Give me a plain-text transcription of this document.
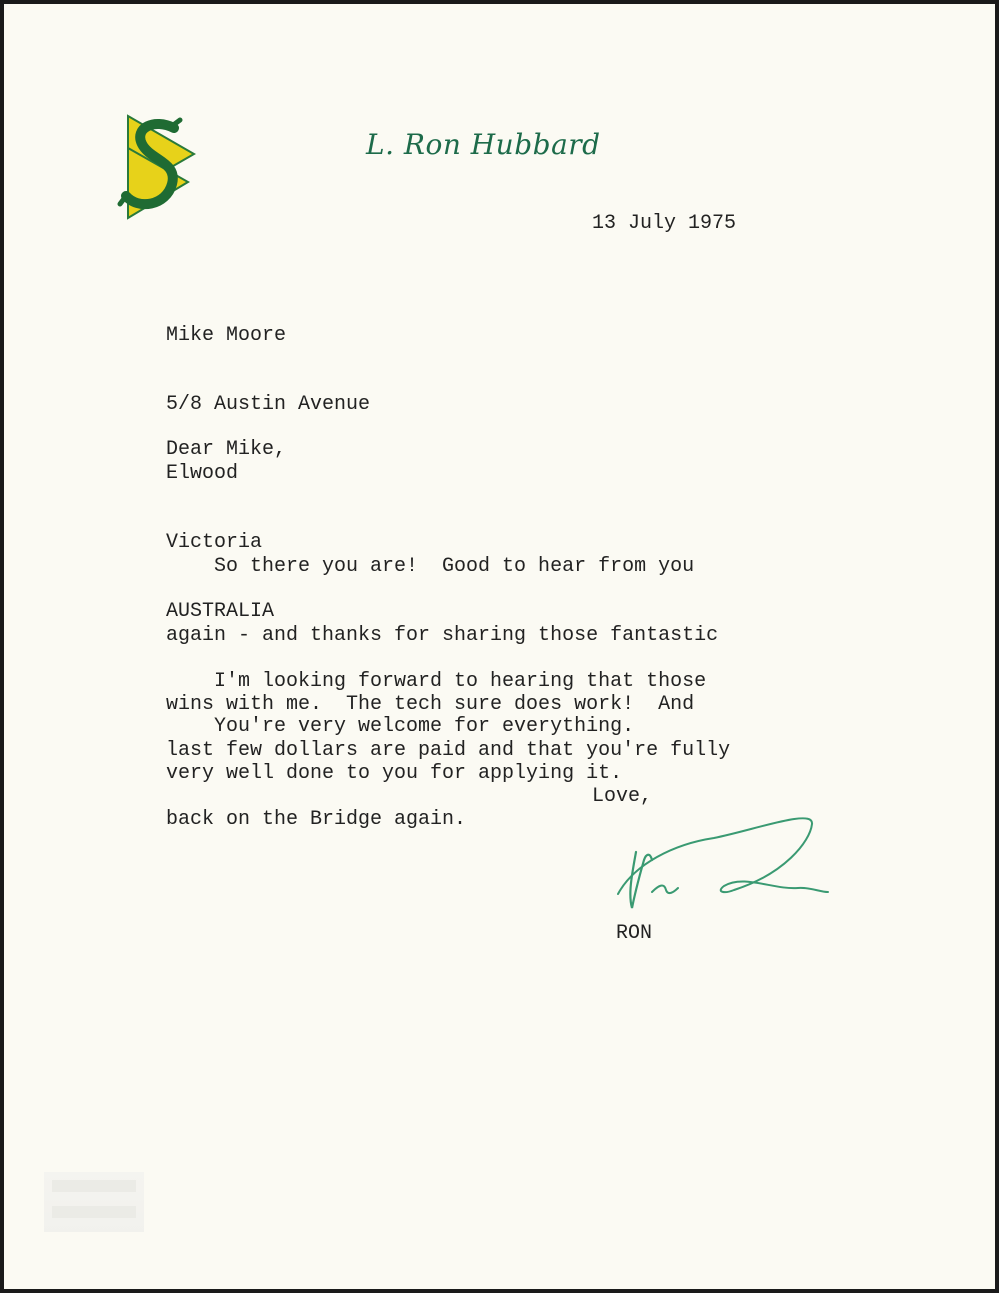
L. Ron Hubbard
13 July 1975

Mike Moore

5/8 Austin Avenue

Elwood

Victoria

AUSTRALIA

Dear Mike,

So there you are!  Good to hear from you

again - and thanks for sharing those fantastic

wins with me.  The tech sure does work!  And

very well done to you for applying it.

I'm looking forward to hearing that those

last few dollars are paid and that you're fully

back on the Bridge again.

You're very welcome for everything.
Love,
RON
